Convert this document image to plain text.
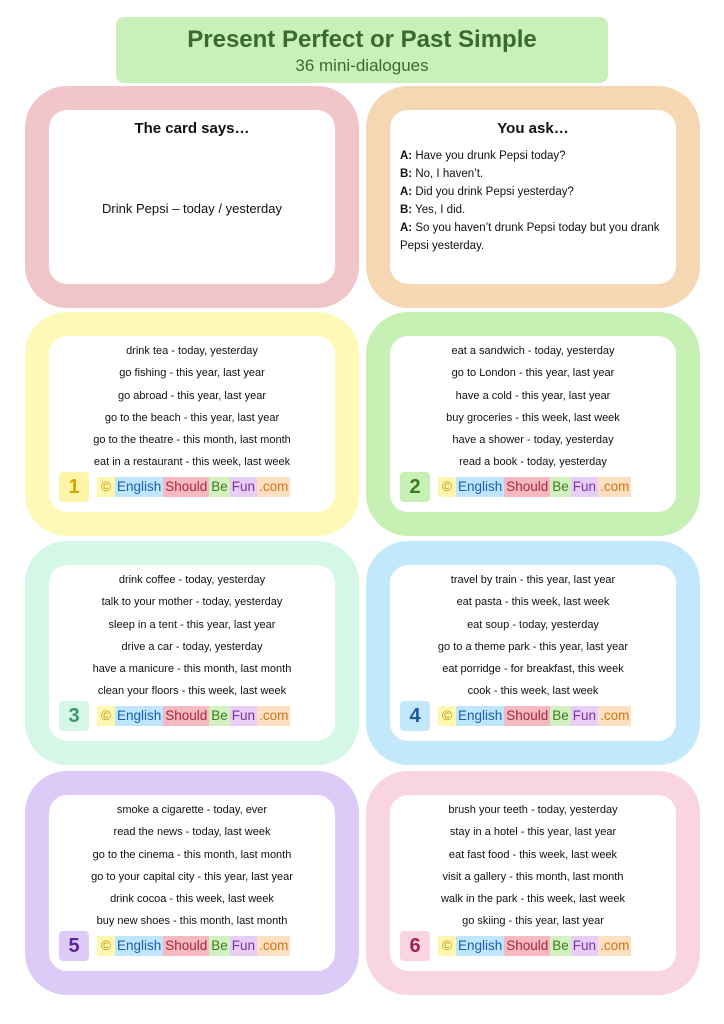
Present Perfect or Past Simple
36 mini-dialogues
The card says…
Drink Pepsi – today / yesterday
You ask…
A: Have you drunk Pepsi today?
B: No, I haven’t.
A: Did you drink Pepsi yesterday?
B: Yes, I did.
A: So you haven’t drunk Pepsi today but you drank Pepsi yesterday.
drink tea - today, yesterday
go fishing - this year, last year
go abroad - this year, last year
go to the beach - this year, last year
go to the theatre - this month, last month
eat in a restaurant - this week, last week
1	© English Should Be Fun .com
eat a sandwich - today, yesterday
go to London - this year, last year
have a cold - this year, last year
buy groceries - this week, last week
have a shower - today, yesterday
read a book - today, yesterday
2	© English Should Be Fun .com
drink coffee - today, yesterday
talk to your mother - today, yesterday
sleep in a tent - this year, last year
drive a car - today, yesterday
have a manicure - this month, last month
clean your floors - this week, last week
3	© English Should Be Fun .com
travel by train - this year, last year
eat pasta - this week, last week
eat soup - today, yesterday
go to a theme park - this year, last year
eat porridge - for breakfast, this week
cook - this week, last week
4	© English Should Be Fun .com
smoke a cigarette - today, ever
read the news - today, last week
go to the cinema - this month, last month
go to your capital city - this year, last year
drink cocoa - this week, last week
buy new shoes - this month, last month
5	© English Should Be Fun .com
brush your teeth - today, yesterday
stay in a hotel - this year, last year
eat fast food - this week, last week
visit a gallery - this month, last month
walk in the park - this week, last week
go skiing - this year, last year
6	© English Should Be Fun .com
